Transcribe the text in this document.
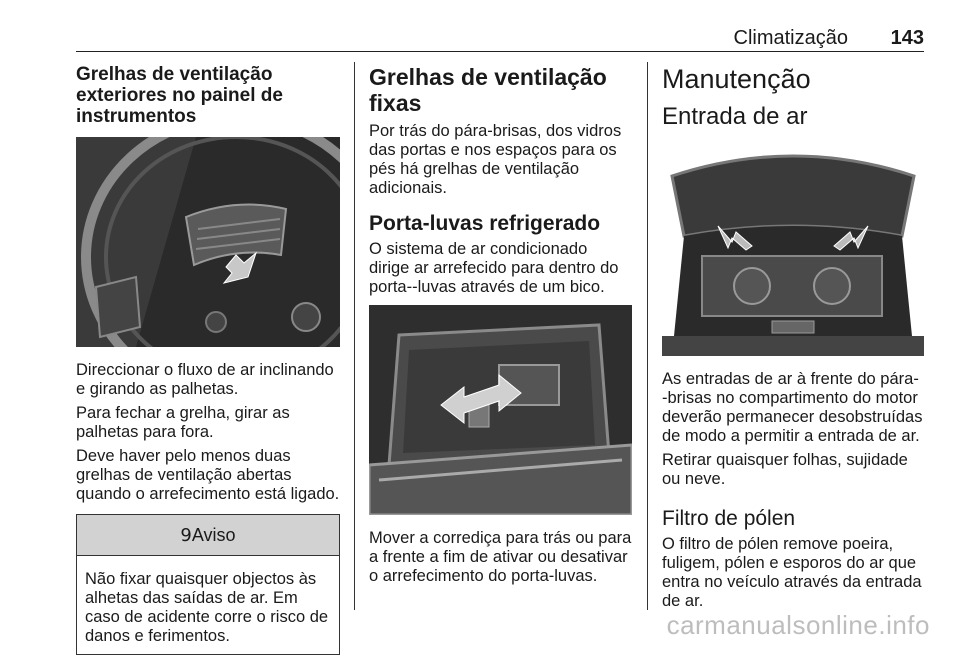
Climatização 143
Grelhas de ventilação exteriores no painel de instrumentos

Direccionar o fluxo de ar inclinando e girando as palhetas.

Para fechar a grelha, girar as palhetas para fora.

Deve haver pelo menos duas grelhas de ventilação abertas quando o arrefecimento está ligado.

9Aviso

Não fixar quaisquer objectos às alhetas das saídas de ar. Em caso de acidente corre o risco de danos e ferimentos.

Grelhas de ventilação fixas

Por trás do pára-brisas, dos vidros das portas e nos espaços para os pés há grelhas de ventilação adicionais.

Porta-luvas refrigerado

O sistema de ar condicionado dirige ar arrefecido para dentro do porta--luvas através de um bico.

Mover a corrediça para trás ou para a frente a fim de ativar ou desativar o arrefecimento do porta-luvas.

Manutenção
Entrada de ar

As entradas de ar à frente do pára--brisas no compartimento do motor deverão permanecer desobstruídas de modo a permitir a entrada de ar.

Retirar quaisquer folhas, sujidade ou neve.

Filtro de pólen

O filtro de pólen remove poeira, fuligem, pólen e esporos do ar que entra no veículo através da entrada de ar.

carmanualsonline.info
